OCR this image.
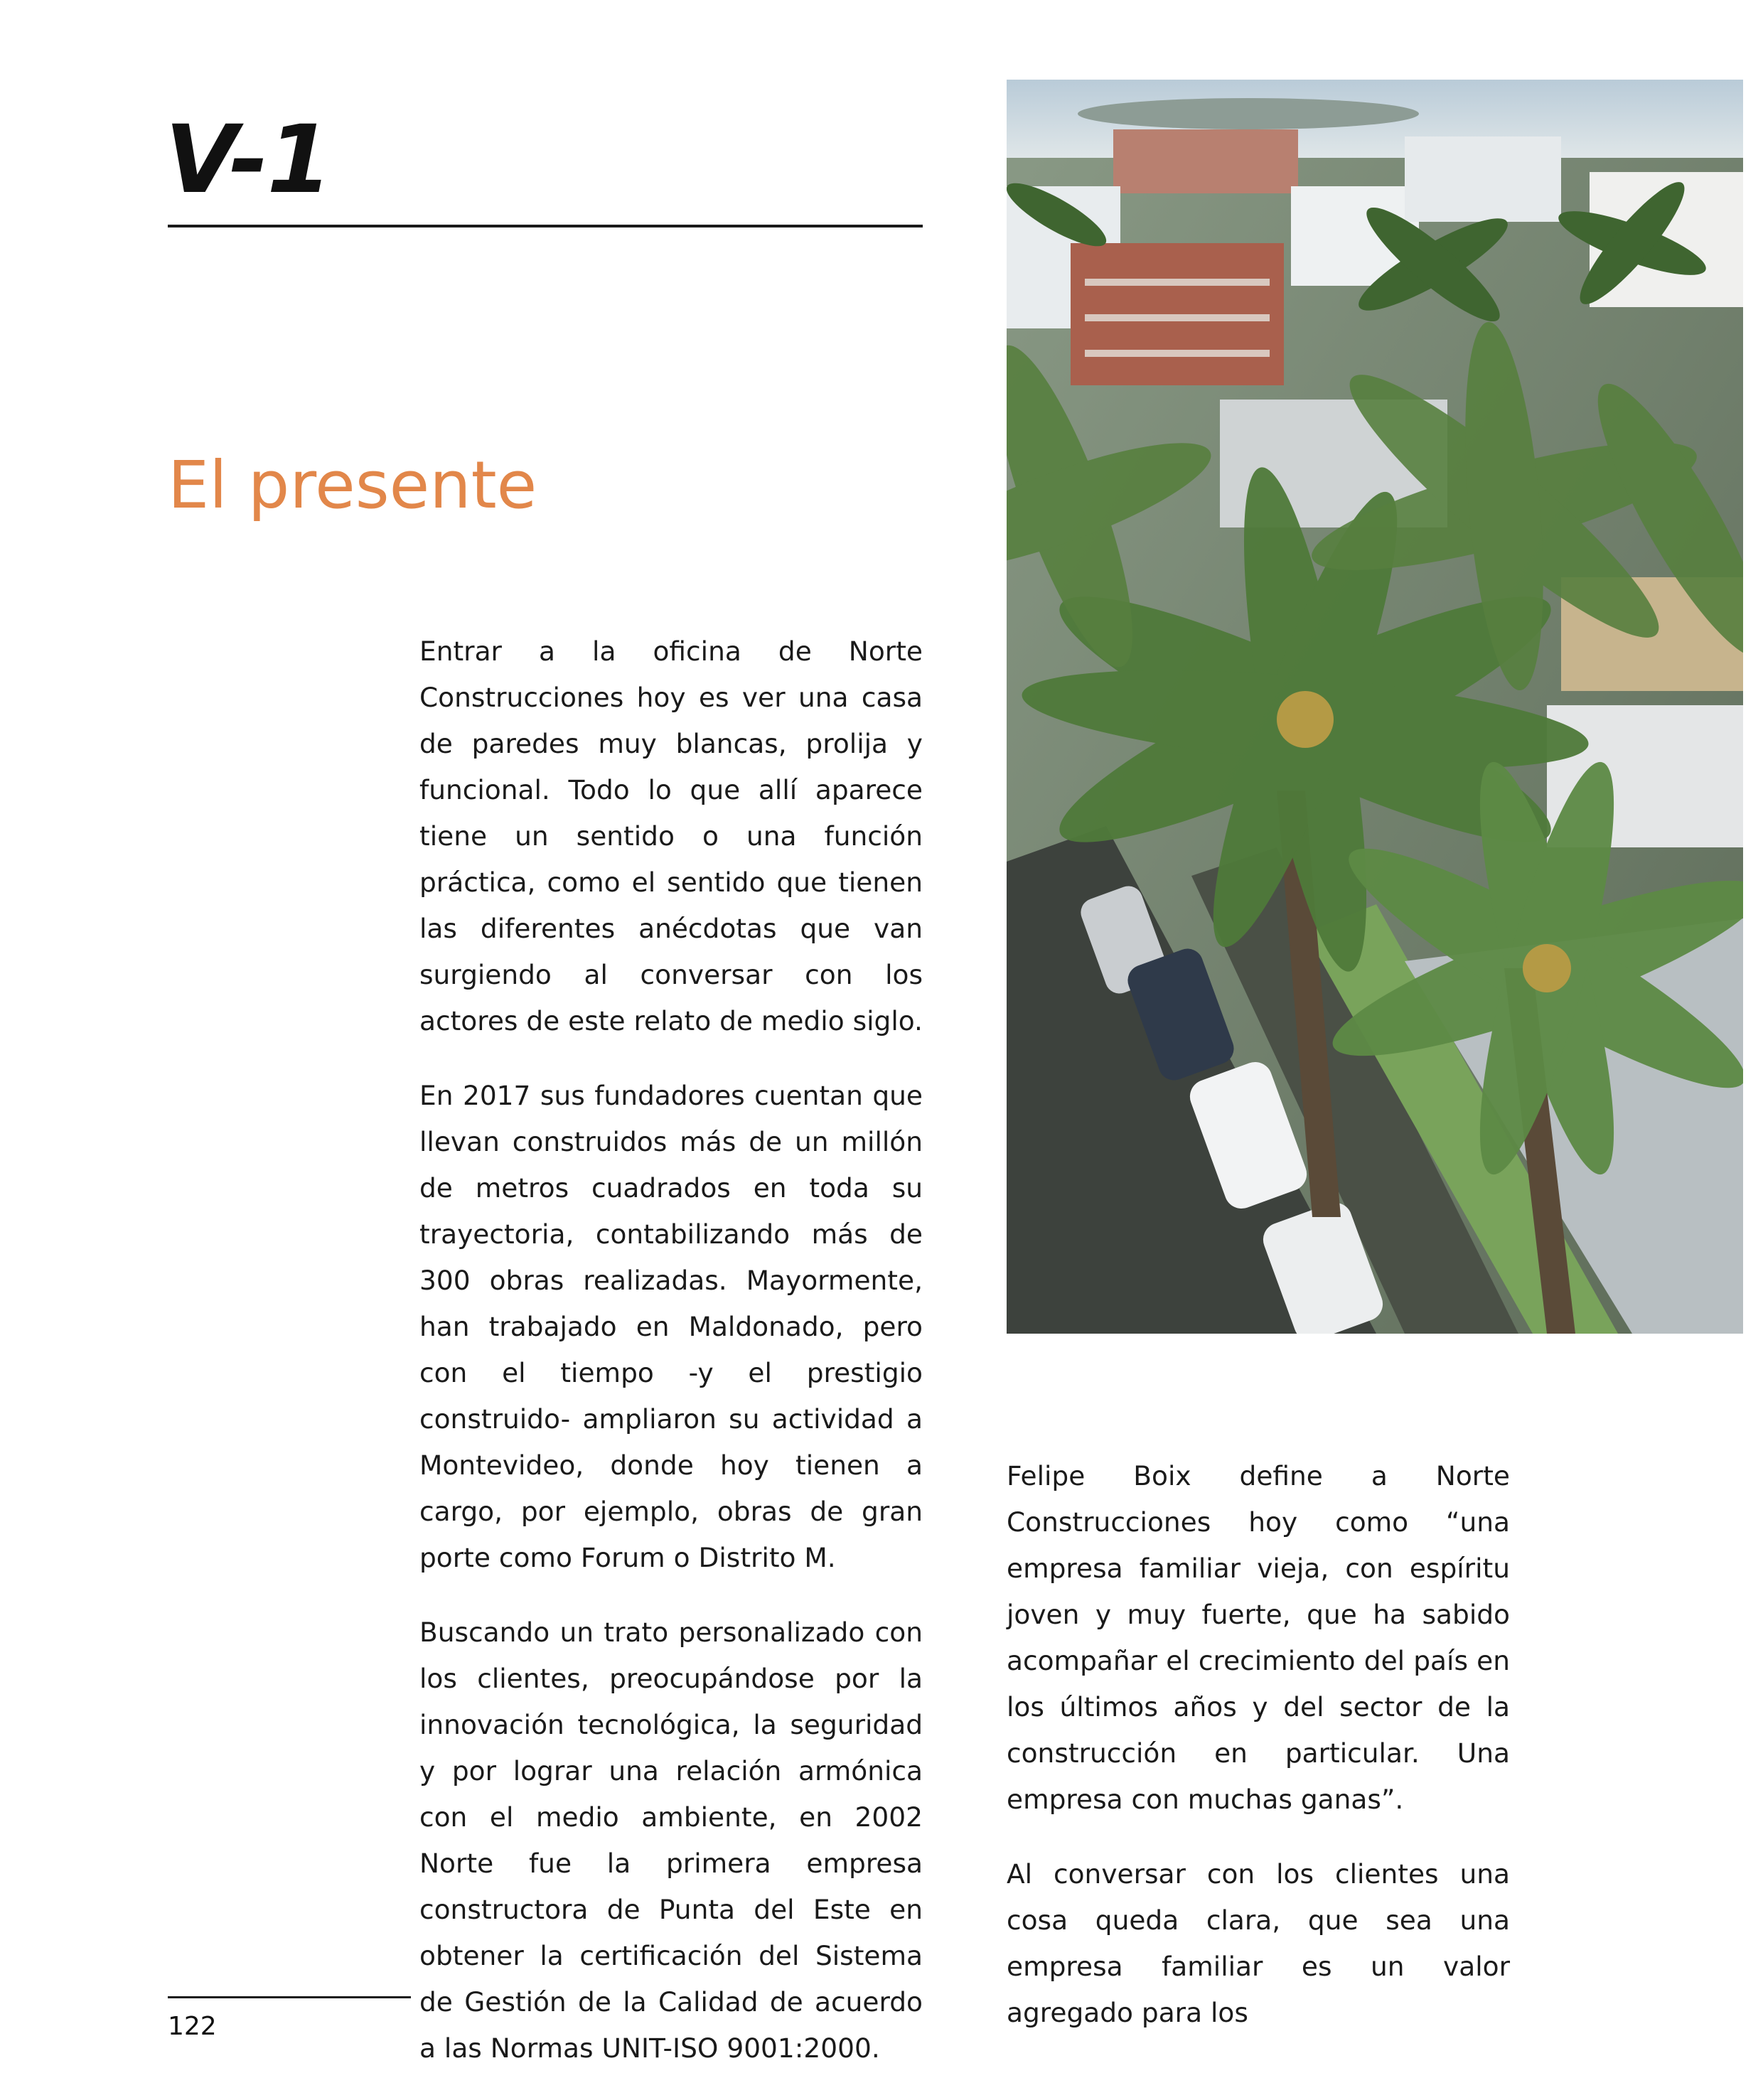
V-1
El presente

Entrar a la oficina de Norte Construcciones hoy es ver una casa de paredes muy blancas, prolija y funcional. Todo lo que allí aparece tiene un sentido o una función práctica, como el sentido que tienen las diferentes anécdotas que van surgiendo al conversar con los actores de este relato de medio siglo.

En 2017 sus fundadores cuentan que llevan construidos más de un millón de metros cuadrados en toda su trayectoria, contabilizando más de 300 obras realizadas. Mayormente, han trabajado en Maldonado, pero con el tiempo -y el prestigio construido- ampliaron su actividad a Montevideo, donde hoy tienen a cargo, por ejemplo, obras de gran porte como Forum o Distrito M.

Buscando un trato personalizado con los clientes, preocupándose por la innovación tecnológica, la seguridad y por lograr una relación armónica con el medio ambiente, en 2002 Norte fue la primera empresa constructora de Punta del Este en obtener la certificación del Sistema de Gestión de la Calidad de acuerdo a las Normas UNIT-ISO 9001:2000.

Felipe Boix define a Norte Construcciones hoy como “una empresa familiar vieja, con espíritu joven y muy fuerte, que ha sabido acompañar el crecimiento del país en los últimos años y del sector de la construcción en particular. Una empresa con muchas ganas”.

Al conversar con los clientes una cosa queda clara, que sea una empresa familiar es un valor agregado para los

122
